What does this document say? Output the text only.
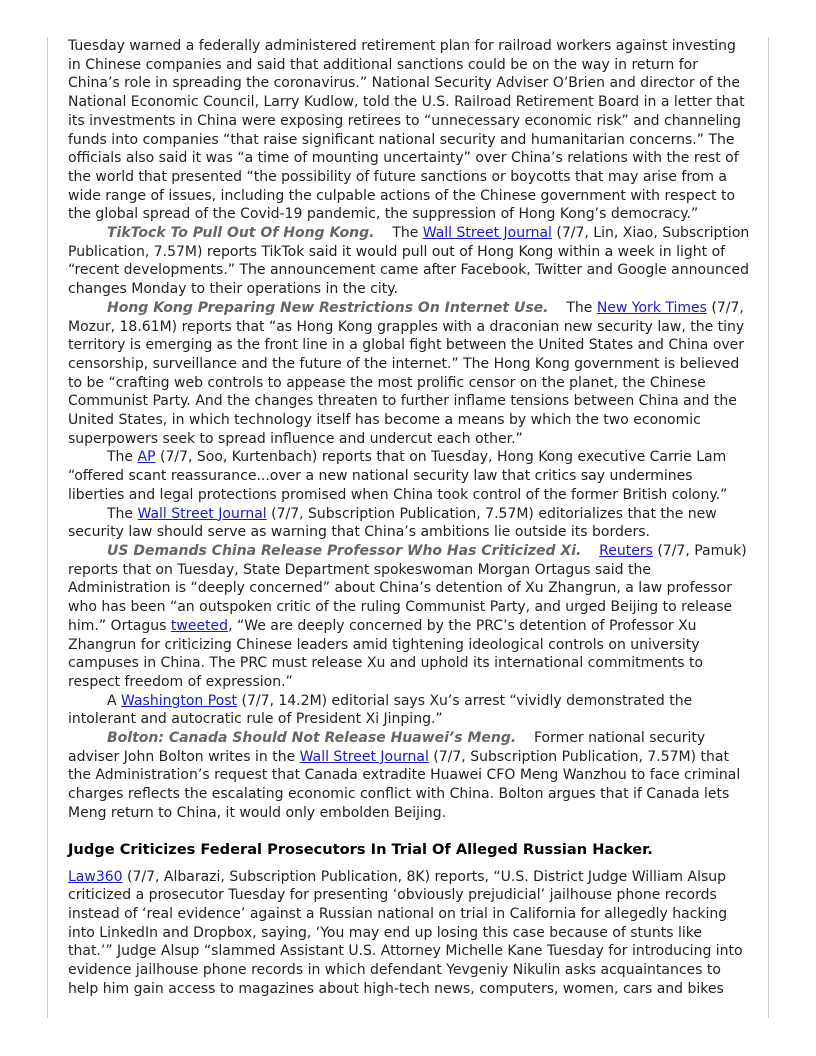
Tuesday warned a federally administered retirement plan for railroad workers against investing in Chinese companies and said that additional sanctions could be on the way in return for China’s role in spreading the coronavirus.” National Security Adviser O’Brien and director of the National Economic Council, Larry Kudlow, told the U.S. Railroad Retirement Board in a letter that its investments in China were exposing retirees to “unnecessary economic risk” and channeling funds into companies “that raise significant national security and humanitarian concerns.” The officials also said it was “a time of mounting uncertainty” over China’s relations with the rest of the world that presented “the possibility of future sanctions or boycotts that may arise from a wide range of issues, including the culpable actions of the Chinese government with respect to the global spread of the Covid-19 pandemic, the suppression of Hong Kong’s democracy.”

TikTock To Pull Out Of Hong Kong. The Wall Street Journal (7/7, Lin, Xiao, Subscription Publication, 7.57M) reports TikTok said it would pull out of Hong Kong within a week in light of “recent developments.” The announcement came after Facebook, Twitter and Google announced changes Monday to their operations in the city.

Hong Kong Preparing New Restrictions On Internet Use. The New York Times (7/7, Mozur, 18.61M) reports that “as Hong Kong grapples with a draconian new security law, the tiny territory is emerging as the front line in a global fight between the United States and China over censorship, surveillance and the future of the internet.” The Hong Kong government is believed to be “crafting web controls to appease the most prolific censor on the planet, the Chinese Communist Party. And the changes threaten to further inflame tensions between China and the United States, in which technology itself has become a means by which the two economic superpowers seek to spread influence and undercut each other.”

The AP (7/7, Soo, Kurtenbach) reports that on Tuesday, Hong Kong executive Carrie Lam “offered scant reassurance...over a new national security law that critics say undermines liberties and legal protections promised when China took control of the former British colony.”

The Wall Street Journal (7/7, Subscription Publication, 7.57M) editorializes that the new security law should serve as warning that China’s ambitions lie outside its borders.

US Demands China Release Professor Who Has Criticized Xi. Reuters (7/7, Pamuk) reports that on Tuesday, State Department spokeswoman Morgan Ortagus said the Administration is “deeply concerned” about China’s detention of Xu Zhangrun, a law professor who has been “an outspoken critic of the ruling Communist Party, and urged Beijing to release him.” Ortagus tweeted, “We are deeply concerned by the PRC’s detention of Professor Xu Zhangrun for criticizing Chinese leaders amid tightening ideological controls on university campuses in China. The PRC must release Xu and uphold its international commitments to respect freedom of expression.”

A Washington Post (7/7, 14.2M) editorial says Xu’s arrest “vividly demonstrated the intolerant and autocratic rule of President Xi Jinping.”

Bolton: Canada Should Not Release Huawei’s Meng. Former national security adviser John Bolton writes in the Wall Street Journal (7/7, Subscription Publication, 7.57M) that the Administration’s request that Canada extradite Huawei CFO Meng Wanzhou to face criminal charges reflects the escalating economic conflict with China. Bolton argues that if Canada lets Meng return to China, it would only embolden Beijing.

Judge Criticizes Federal Prosecutors In Trial Of Alleged Russian Hacker.

Law360 (7/7, Albarazi, Subscription Publication, 8K) reports, “U.S. District Judge William Alsup criticized a prosecutor Tuesday for presenting ‘obviously prejudicial’ jailhouse phone records instead of ‘real evidence’ against a Russian national on trial in California for allegedly hacking into LinkedIn and Dropbox, saying, ‘You may end up losing this case because of stunts like that.’” Judge Alsup “slammed Assistant U.S. Attorney Michelle Kane Tuesday for introducing into evidence jailhouse phone records in which defendant Yevgeniy Nikulin asks acquaintances to help him gain access to magazines about high-tech news, computers, women, cars and bikes
